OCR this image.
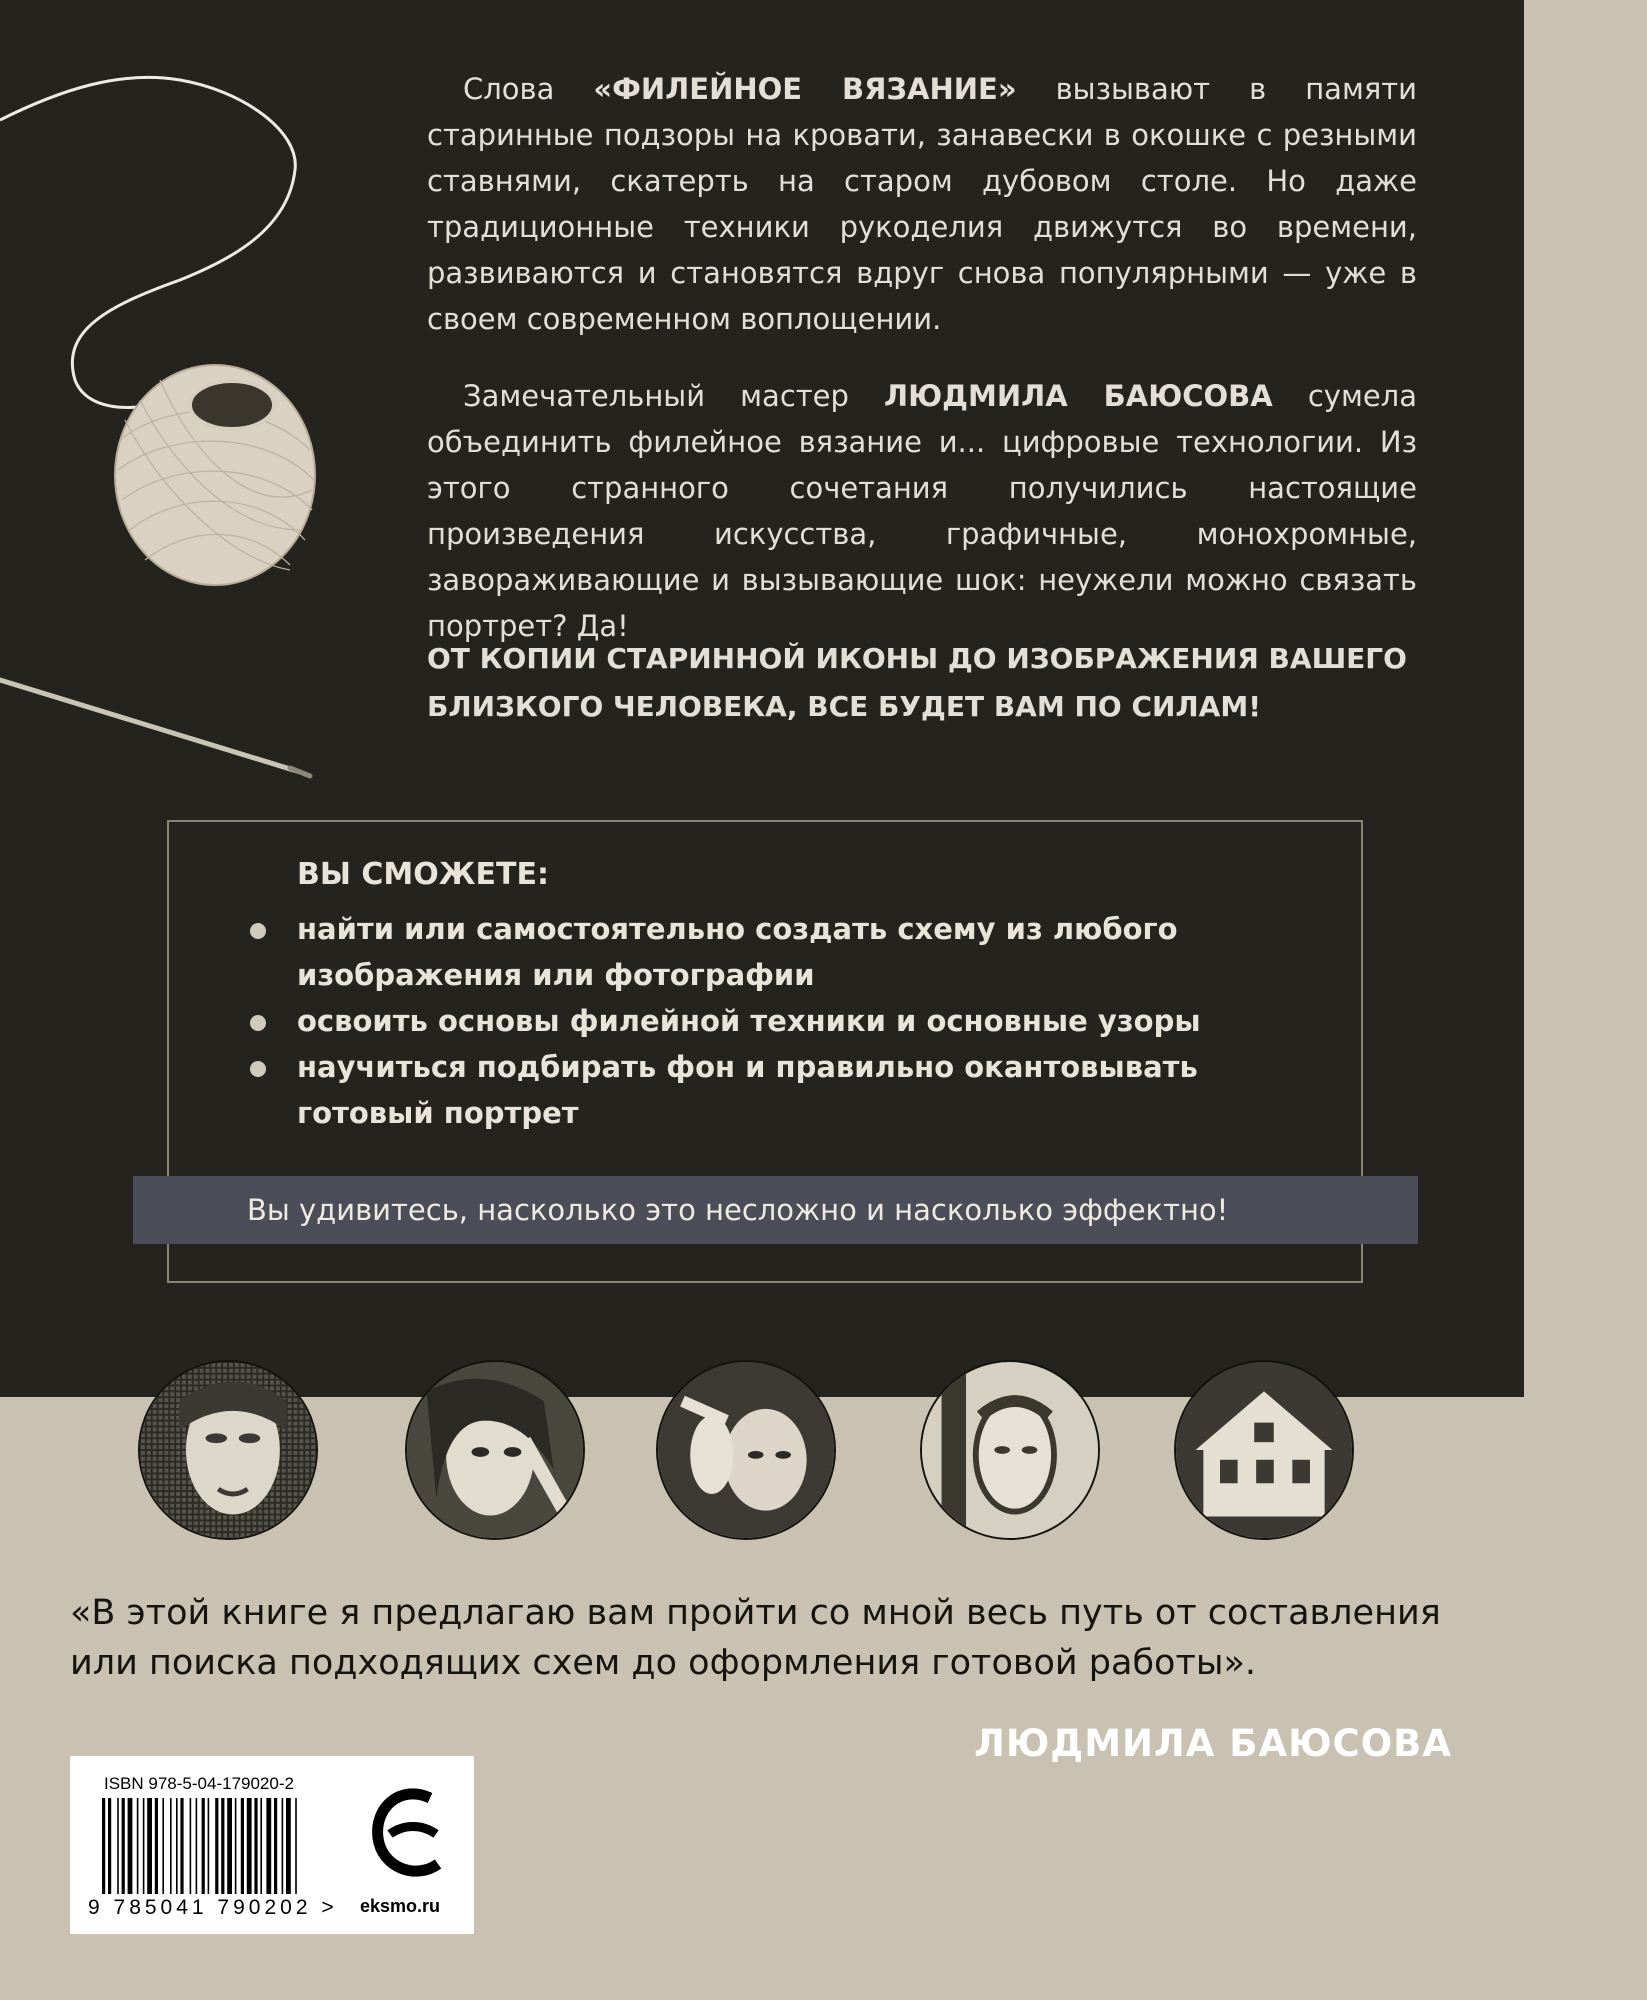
Слова «ФИЛЕЙНОЕ ВЯЗАНИЕ» вызывают в памяти старинные подзоры на кровати, занавески в окошке с резными ставнями, скатерть на старом дубовом столе. Но даже традиционные техники рукоделия движутся во времени, развиваются и становятся вдруг снова популярными — уже в своем современном воплощении.

Замечательный мастер ЛЮДМИЛА БАЮСОВА сумела объединить филейное вязание и... цифровые технологии. Из этого странного сочетания получились настоящие произведения искусства, графичные, монохромные, завораживающие и вызывающие шок: неужели можно связать портрет? Да!

ОТ КОПИИ СТАРИННОЙ ИКОНЫ ДО ИЗОБРАЖЕНИЯ ВАШЕГО БЛИЗКОГО ЧЕЛОВЕКА, ВСЕ БУДЕТ ВАМ ПО СИЛАМ!

ВЫ СМОЖЕТЕ:

найти или самостоятельно создать схему из любого изображения или фотографии
освоить основы филейной техники и основные узоры
научиться подбирать фон и правильно окантовывать готовый портрет
Вы удивитесь, насколько это несложно и насколько эффектно!

«В этой книге я предлагаю вам пройти со мной весь путь от составления или поиска подходящих схем до оформления готовой работы».

ЛЮДМИЛА БАЮСОВА

ISBN 978-5-04-179020-2
9 785041 790202 > eksmo.ru
